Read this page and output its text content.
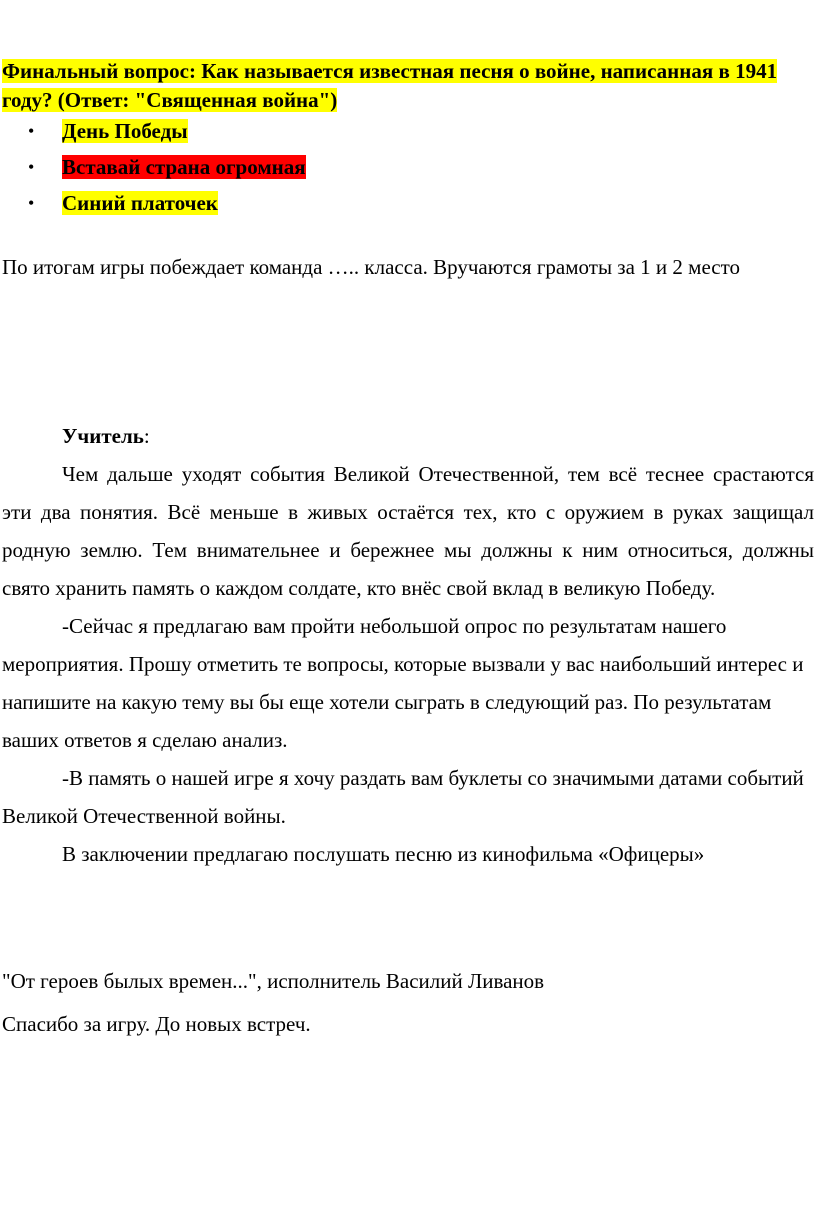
Финальный вопрос: Как называется известная песня о войне, написанная в 1941 году? (Ответ: "Священная война")

• День Победы
• Вставай страна огромная
• Синий платочек

По итогам игры побеждает команда ….. класса. Вручаются грамоты за 1 и 2 место

Учитель:

Чем дальше уходят события Великой Отечественной, тем всё теснее срастаются эти два понятия. Всё меньше в живых остаётся тех, кто с оружием в руках защищал родную землю. Тем внимательнее и бережнее мы должны к ним относиться, должны свято хранить память о каждом солдате, кто внёс свой вклад в великую Победу.

-Сейчас я предлагаю вам пройти небольшой опрос по результатам нашего мероприятия. Прошу отметить те вопросы, которые вызвали у вас наибольший интерес и напишите на какую тему вы бы еще хотели сыграть в следующий раз. По результатам ваших ответов я сделаю анализ.

-В память о нашей игре я хочу раздать вам буклеты со значимыми датами событий Великой Отечественной войны.

В заключении предлагаю послушать песню из кинофильма «Офицеры»

"От героев былых времен...", исполнитель Василий Ливанов

Спасибо за игру. До новых встреч.
